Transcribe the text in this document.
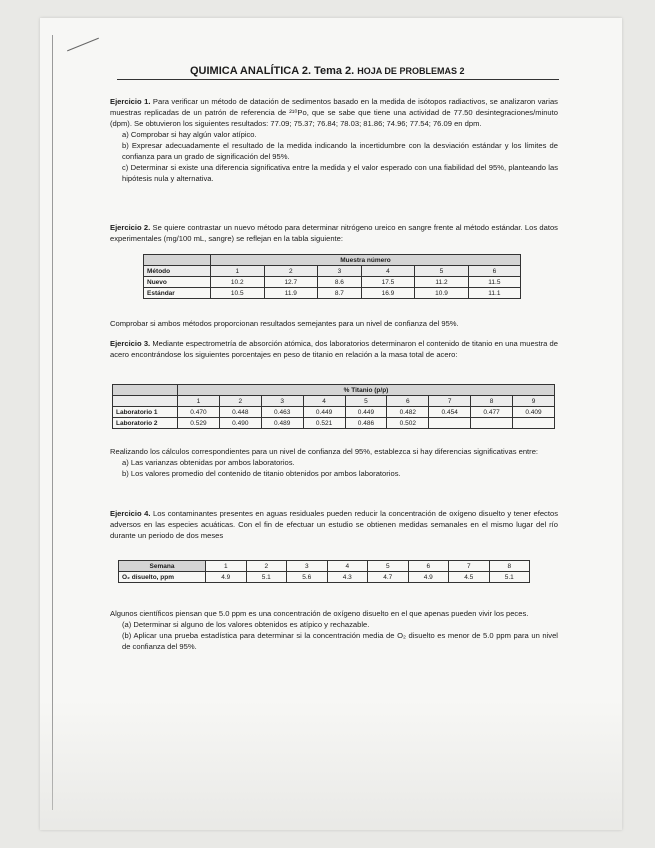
QUIMICA ANALÍTICA 2. Tema 2. HOJA DE PROBLEMAS 2
Ejercicio 1. Para verificar un método de datación de sedimentos basado en la medida de isótopos radiactivos, se analizaron varias muestras replicadas de un patrón de referencia de ²¹⁰Po, que se sabe que tiene una actividad de 77.50 desintegraciones/minuto (dpm). Se obtuvieron los siguientes resultados: 77.09; 75.37; 76.84; 78.03; 81.86; 74.96; 77.54; 76.09 en dpm.
a) Comprobar si hay algún valor atípico.
b) Expresar adecuadamente el resultado de la medida indicando la incertidumbre con la desviación estándar y los límites de confianza para un grado de significación del 95%.
c) Determinar si existe una diferencia significativa entre la medida y el valor esperado con una fiabilidad del 95%, planteando las hipótesis nula y alternativa.
Ejercicio 2. Se quiere contrastar un nuevo método para determinar nitrógeno ureico en sangre frente al método estándar. Los datos experimentales (mg/100 mL, sangre) se reflejan en la tabla siguiente:
	Muestra número					
Método	1	2	3	4	5	6
Nuevo	10.2	12.7	8.6	17.5	11.2	11.5
Estándar	10.5	11.9	8.7	16.9	10.9	11.1
Comprobar si ambos métodos proporcionan resultados semejantes para un nivel de confianza del 95%.
Ejercicio 3. Mediante espectrometría de absorción atómica, dos laboratorios determinaron el contenido de titanio en una muestra de acero encontrándose los siguientes porcentajes en peso de titanio en relación a la masa total de acero:
	% Titanio (p/p)								
	1	2	3	4	5	6	7	8	9
Laboratorio 1	0.470	0.448	0.463	0.449	0.449	0.482	0.454	0.477	0.409
Laboratorio 2	0.529	0.490	0.489	0.521	0.486	0.502			
Realizando los cálculos correspondientes para un nivel de confianza del 95%, establezca si hay diferencias significativas entre:
a) Las varianzas obtenidas por ambos laboratorios.
b) Los valores promedio del contenido de titanio obtenidos por ambos laboratorios.
Ejercicio 4. Los contaminantes presentes en aguas residuales pueden reducir la concentración de oxígeno disuelto y tener efectos adversos en las especies acuáticas. Con el fin de efectuar un estudio se obtienen medidas semanales en el mismo lugar del río durante un periodo de dos meses
Semana	1	2	3	4	5	6	7	8
O₂ disuelto, ppm	4.9	5.1	5.6	4.3	4.7	4.9	4.5	5.1
Algunos científicos piensan que 5.0 ppm es una concentración de oxígeno disuelto en el que apenas pueden vivir los peces.
(a) Determinar si alguno de los valores obtenidos es atípico y rechazable.
(b) Aplicar una prueba estadística para determinar si la concentración media de O₂ disuelto es menor de 5.0 ppm para un nivel de confianza del 95%.
